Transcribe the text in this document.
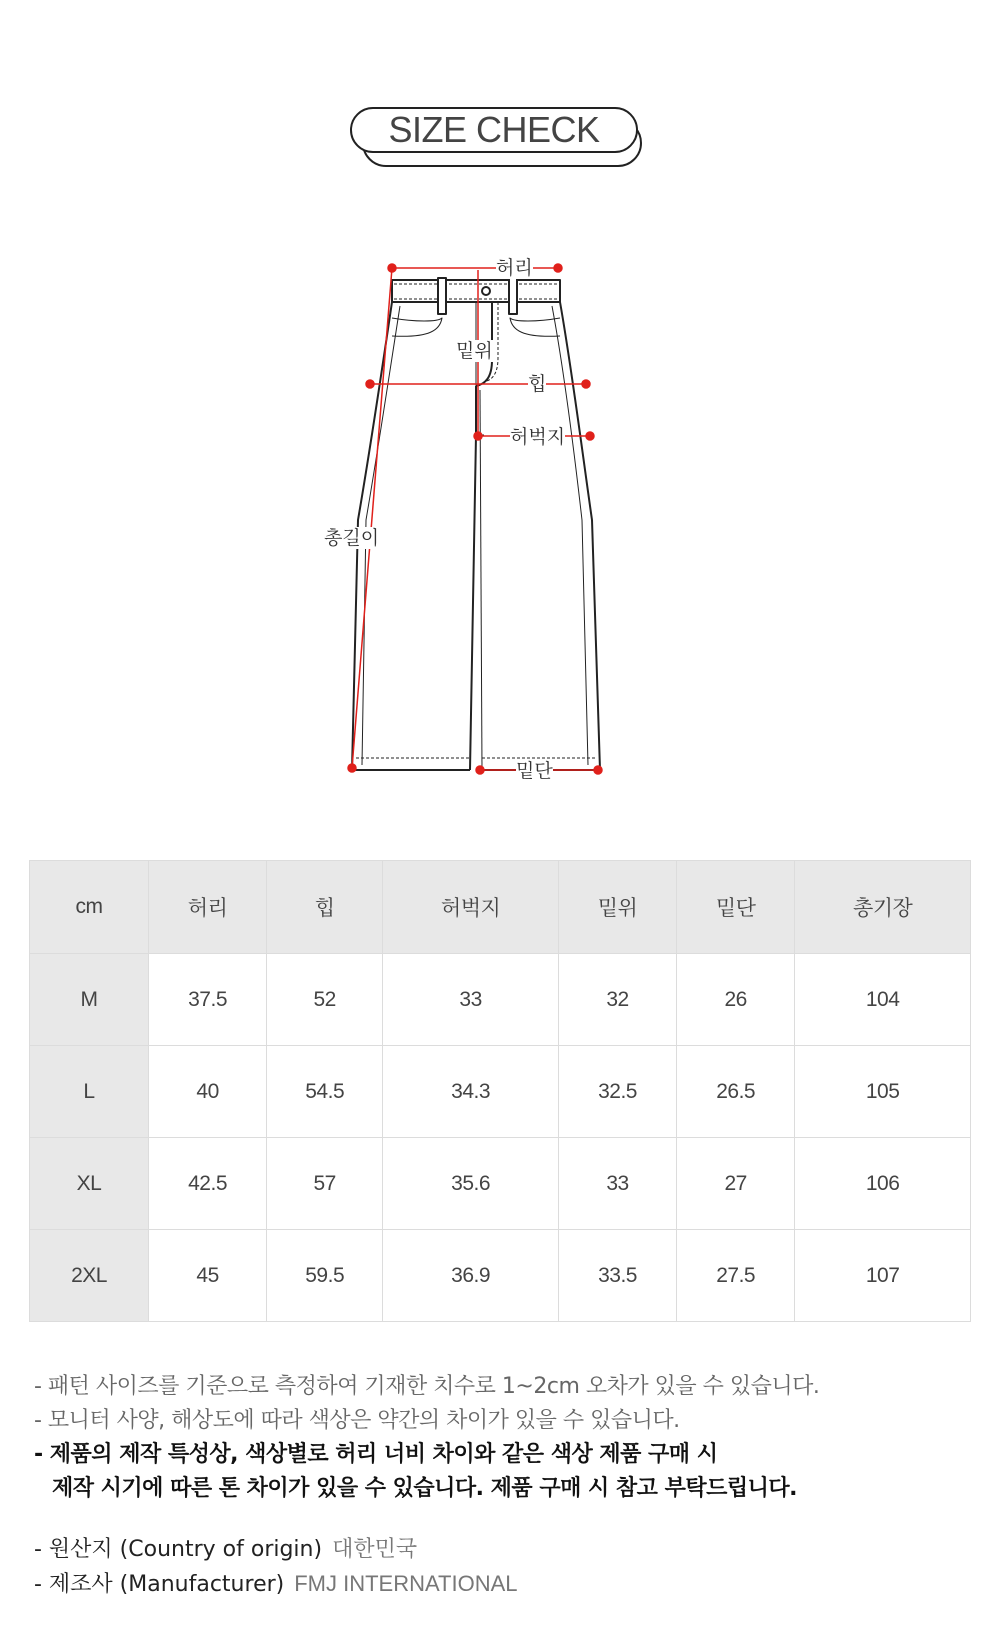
SIZE CHECK
허리
밑위
힙
허벅지
총길이
밑단
cm	허리	힙	허벅지	밑위	밑단	총기장
M	37.5	52	33	32	26	104
L	40	54.5	34.3	32.5	26.5	105
XL	42.5	57	35.6	33	27	106
2XL	45	59.5	36.9	33.5	27.5	107
- 패턴 사이즈를 기준으로 측정하여 기재한 치수로 1~2cm 오차가 있을 수 있습니다.
- 모니터 사양, 해상도에 따라 색상은 약간의 차이가 있을 수 있습니다.
- 제품의 제작 특성상, 색상별로 허리 너비 차이와 같은 색상 제품 구매 시
제작 시기에 따른 톤 차이가 있을 수 있습니다. 제품 구매 시 참고 부탁드립니다.
- 원산지 (Country of origin) 대한민국
- 제조사 (Manufacturer) FMJ INTERNATIONAL
